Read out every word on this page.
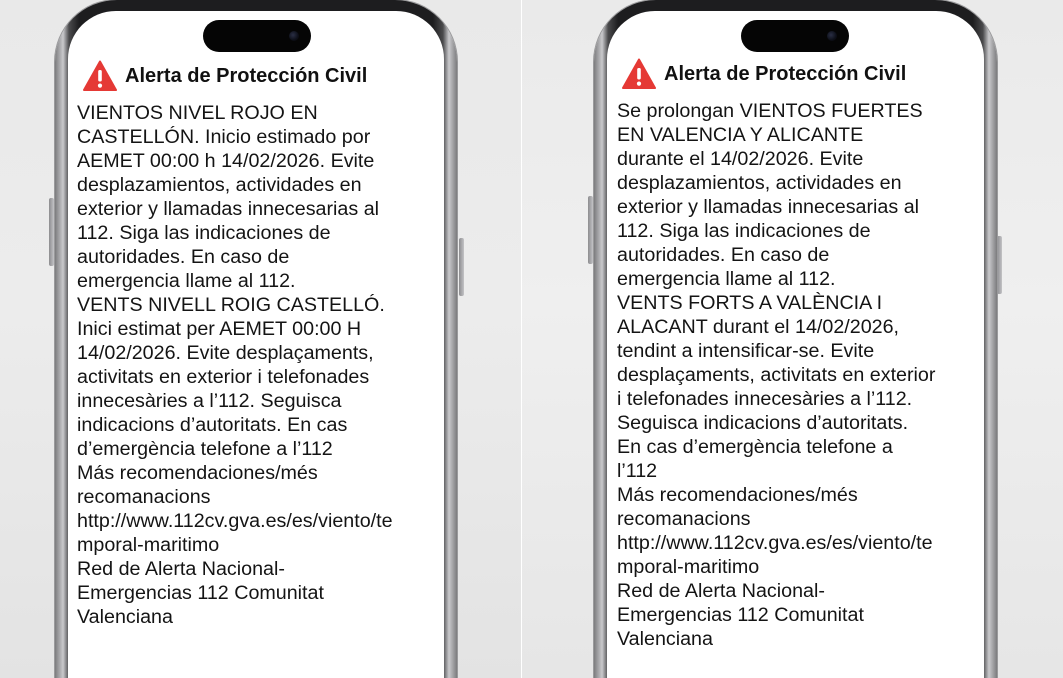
Alerta de Protección Civil
VIENTOS NIVEL ROJO EN
CASTELLÓN. Inicio estimado por
AEMET 00:00 h 14/02/2026. Evite
desplazamientos, actividades en
exterior y llamadas innecesarias al
112. Siga las indicaciones de
autoridades. En caso de
emergencia llame al 112.
VENTS NIVELL ROIG CASTELLÓ.
Inici estimat per AEMET 00:00 H
14/02/2026. Evite desplaçaments,
activitats en exterior i telefonades
innecesàries a l’112. Seguisca
indicacions d’autoritats. En cas
d’emergència telefone a l’112
Más recomendaciones/més
recomanacions
http://www.112cv.gva.es/es/viento/te
mporal-maritimo
Red de Alerta Nacional-
Emergencias 112 Comunitat
Valenciana
Alerta de Protección Civil
Se prolongan VIENTOS FUERTES
EN VALENCIA Y ALICANTE
durante el 14/02/2026. Evite
desplazamientos, actividades en
exterior y llamadas innecesarias al
112. Siga las indicaciones de
autoridades. En caso de
emergencia llame al 112.
VENTS FORTS A VALÈNCIA I
ALACANT durant el 14/02/2026,
tendint a intensificar-se. Evite
desplaçaments, activitats en exterior
i telefonades innecesàries a l’112.
Seguisca indicacions d’autoritats.
En cas d’emergència telefone a
l’112
Más recomendaciones/més
recomanacions
http://www.112cv.gva.es/es/viento/te
mporal-maritimo
Red de Alerta Nacional-
Emergencias 112 Comunitat
Valenciana
